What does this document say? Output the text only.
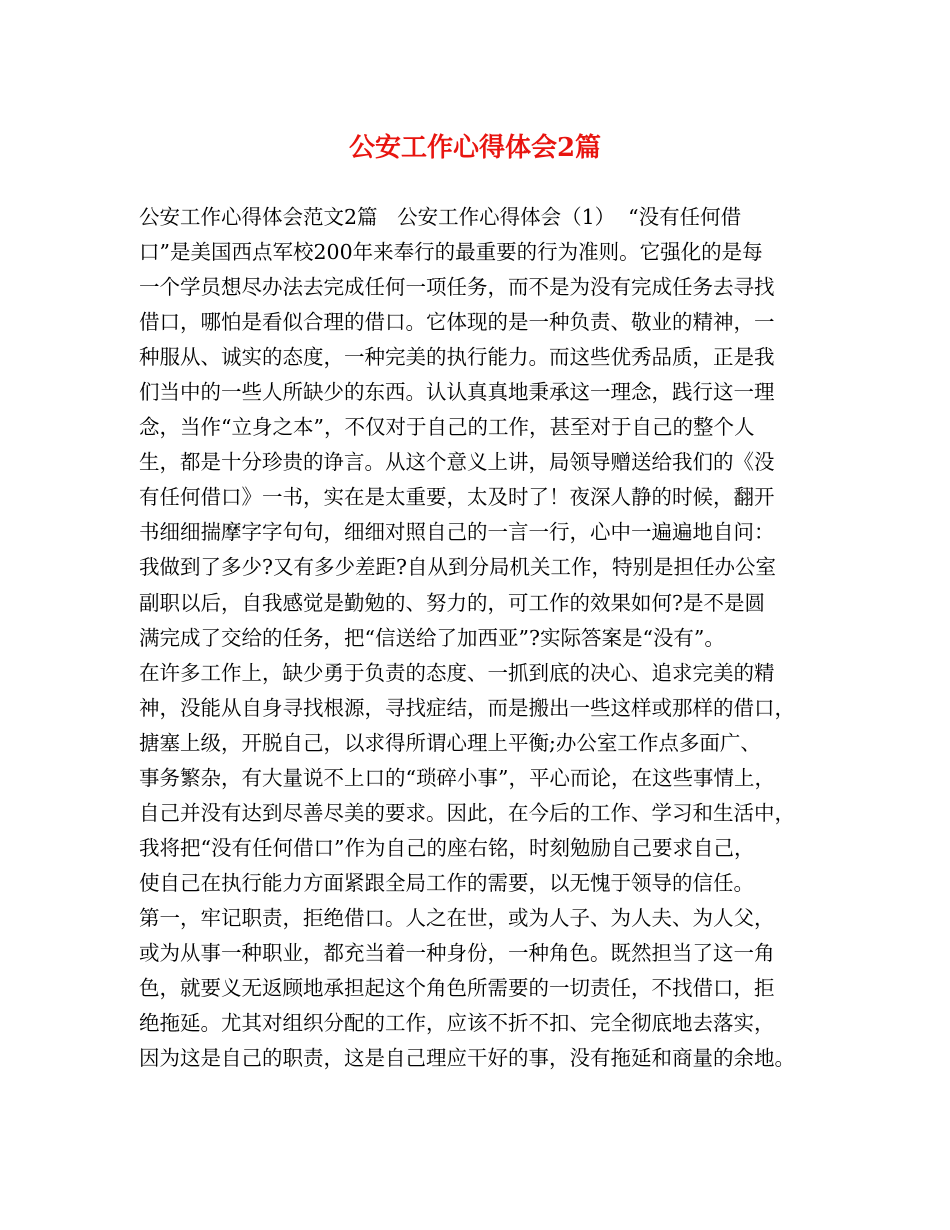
公安工作心得体会2篇

公安工作心得体会范文2篇   公安工作心得体会（1）  “没有任何借

口”是美国西点军校200年来奉行的最重要的行为准则。它强化的是每

一个学员想尽办法去完成任何一项任务，而不是为没有完成任务去寻找

借口，哪怕是看似合理的借口。它体现的是一种负责、敬业的精神，一

种服从、诚实的态度，一种完美的执行能力。而这些优秀品质，正是我

们当中的一些人所缺少的东西。认认真真地秉承这一理念，践行这一理

念，当作“立身之本”，不仅对于自己的工作，甚至对于自己的整个人

生，都是十分珍贵的诤言。从这个意义上讲，局领导赠送给我们的《没

有任何借口》一书，实在是太重要，太及时了！夜深人静的时候，翻开

书细细揣摩字字句句，细细对照自己的一言一行，心中一遍遍地自问：

我做到了多少?又有多少差距?自从到分局机关工作，特别是担任办公室

副职以后，自我感觉是勤勉的、努力的，可工作的效果如何?是不是圆

满完成了交给的任务，把“信送给了加西亚”?实际答案是“没有”。

在许多工作上，缺少勇于负责的态度、一抓到底的决心、追求完美的精

神，没能从自身寻找根源，寻找症结，而是搬出一些这样或那样的借口，

搪塞上级，开脱自己，以求得所谓心理上平衡;办公室工作点多面广、

事务繁杂，有大量说不上口的“琐碎小事”，平心而论，在这些事情上，

自己并没有达到尽善尽美的要求。因此，在今后的工作、学习和生活中，

我将把“没有任何借口”作为自己的座右铭，时刻勉励自己要求自己，

使自己在执行能力方面紧跟全局工作的需要，以无愧于领导的信任。

第一，牢记职责，拒绝借口。人之在世，或为人子、为人夫、为人父，

或为从事一种职业，都充当着一种身份，一种角色。既然担当了这一角

色，就要义无返顾地承担起这个角色所需要的一切责任，不找借口，拒

绝拖延。尤其对组织分配的工作，应该不折不扣、完全彻底地去落实，

因为这是自己的职责，这是自己理应干好的事，没有拖延和商量的余地。
